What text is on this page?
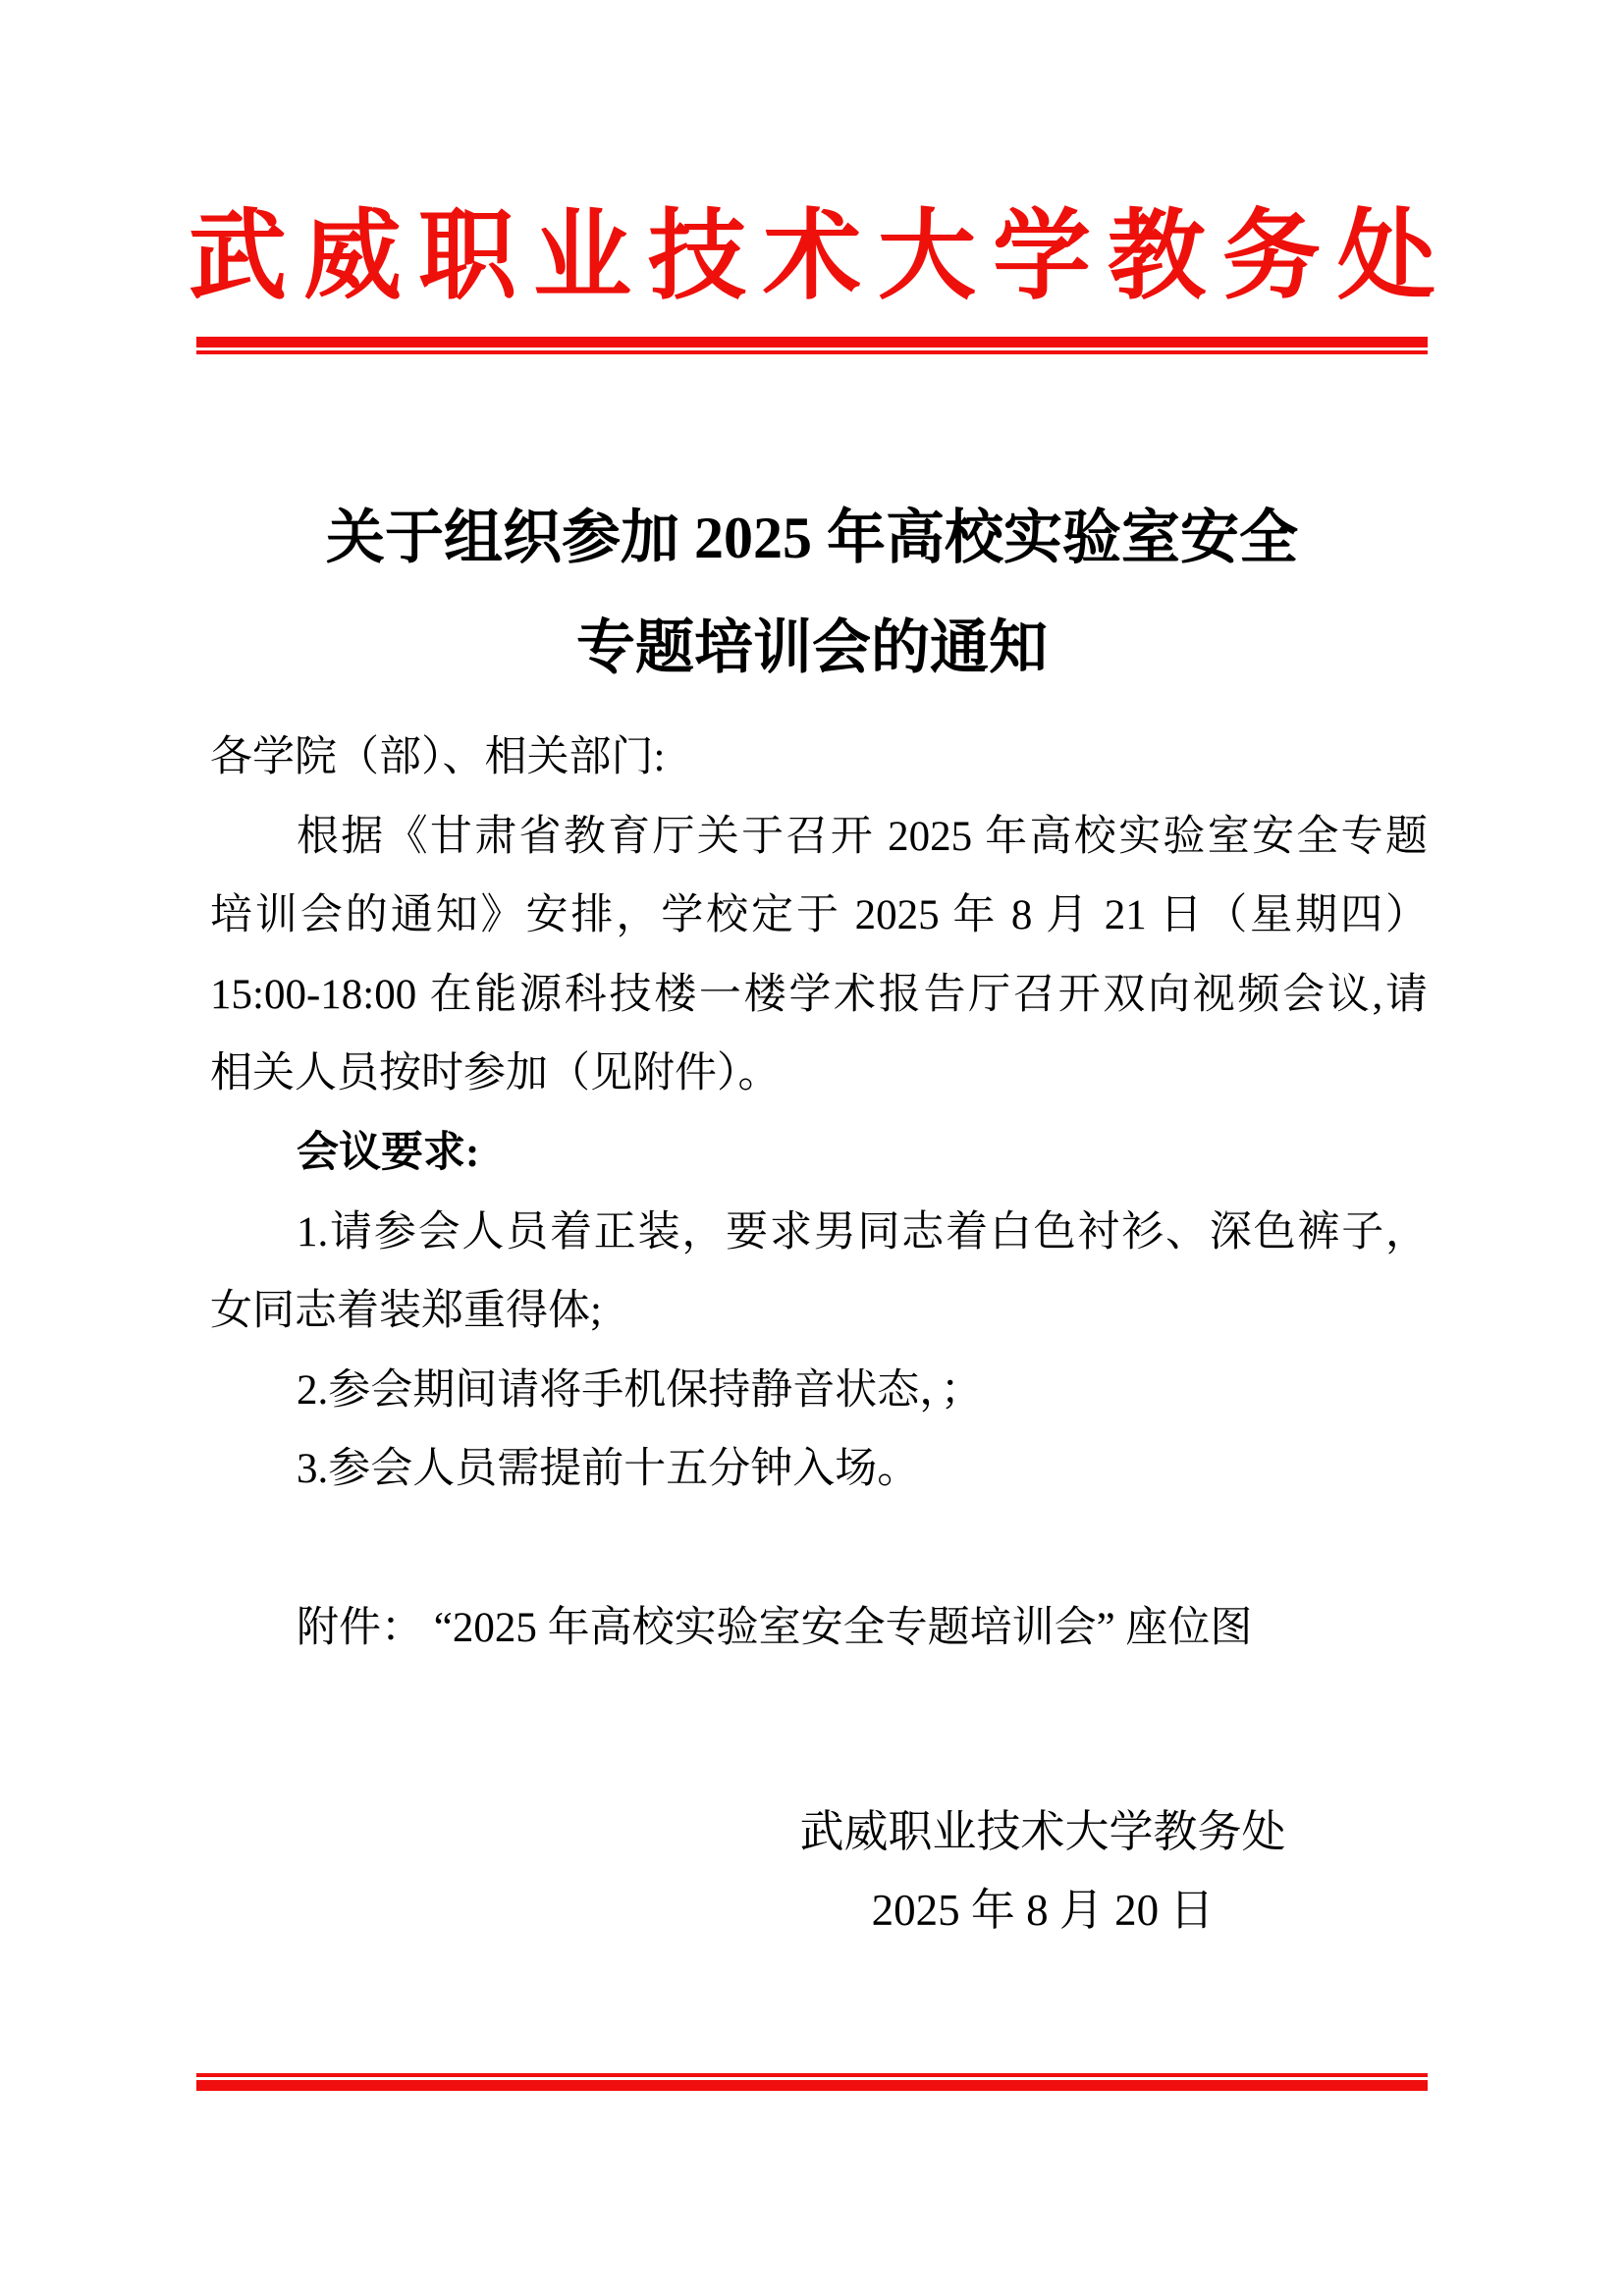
武威职业技术大学教务处
关于组织参加 2025 年高校实验室安全
专题培训会的通知
各学院（部）、相关部门:
根据《甘肃省教育厅关于召开 2025 年高校实验室安全专题
培训会的通知》安排，学校定于 2025 年 8 月 21 日（星期四）
15:00-18:00 在能源科技楼一楼学术报告厅召开双向视频会议,请
相关人员按时参加（见附件）。
会议要求:
1.请参会人员着正装，要求男同志着白色衬衫、深色裤子，
女同志着装郑重得体;
2.参会期间请将手机保持静音状态，；
3.参会人员需提前十五分钟入场。

附件： “2025 年高校实验室安全专题培训会” 座位图
武威职业技术大学教务处
2025 年 8 月 20 日
